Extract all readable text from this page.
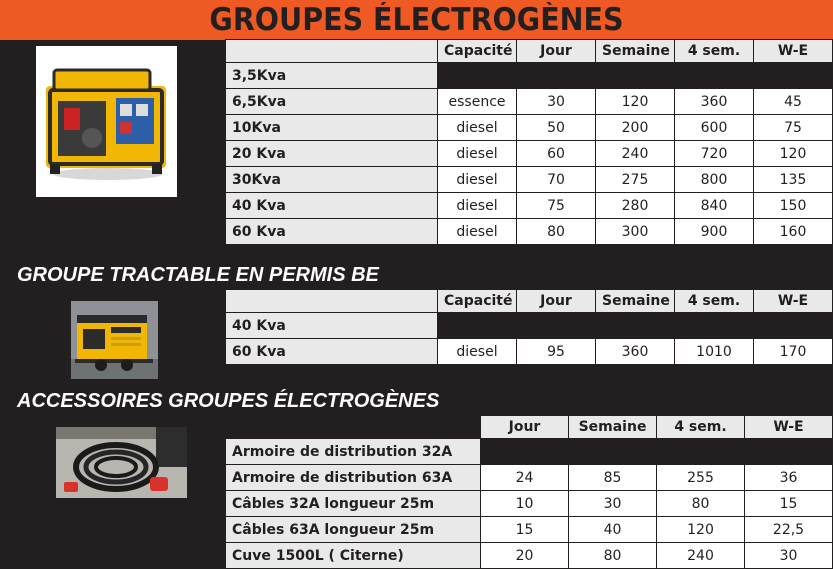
GROUPES ÉLECTROGÈNES
	Capacité	Jour	Semaine	4 sem.	W-E
3,5Kva					
6,5Kva	essence	30	120	360	45
10Kva	diesel	50	200	600	75
20 Kva	diesel	60	240	720	120
30Kva	diesel	70	275	800	135
40 Kva	diesel	75	280	840	150
60 Kva	diesel	80	300	900	160
GROUPE TRACTABLE EN PERMIS BE
	Capacité	Jour	Semaine	4 sem.	W-E
40 Kva					
60 Kva	diesel	95	360	1010	170
ACCESSOIRES GROUPES ÉLECTROGÈNES
	Jour	Semaine	4 sem.	W-E
Armoire de distribution 32A				
Armoire de distribution 63A	24	85	255	36
Câbles 32A longueur 25m	10	30	80	15
Câbles 63A longueur 25m	15	40	120	22,5
Cuve 1500L ( Citerne)	20	80	240	30
